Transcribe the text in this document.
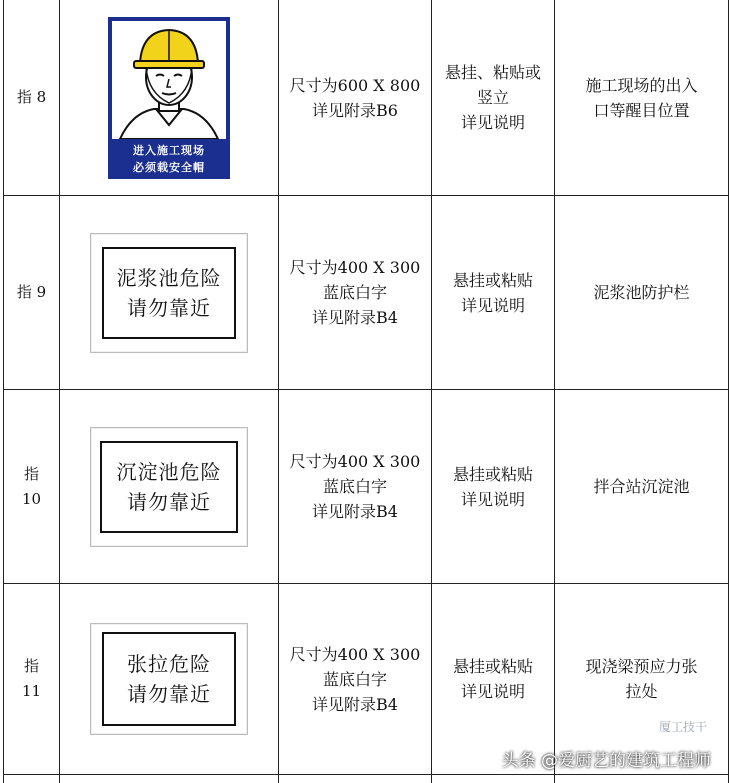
指 8
进入施工现场
必须载安全帽
尺寸为600 X 800
详见附录B6
悬挂、粘贴或
竖立
详见说明
施工现场的出入
口等醒目位置
指 9
泥浆池危险
请勿靠近
尺寸为400 X 300
蓝底白字
详见附录B4
悬挂或粘贴
详见说明
泥浆池防护栏
指
10
沉淀池危险
请勿靠近
尺寸为400 X 300
蓝底白字
详见附录B4
悬挂或粘贴
详见说明
拌合站沉淀池
指
11
张拉危险
请勿靠近
尺寸为400 X 300
蓝底白字
详见附录B4
悬挂或粘贴
详见说明
现浇梁预应力张
拉处
厦工技干
头条 @爱厨艺的建筑工程师
